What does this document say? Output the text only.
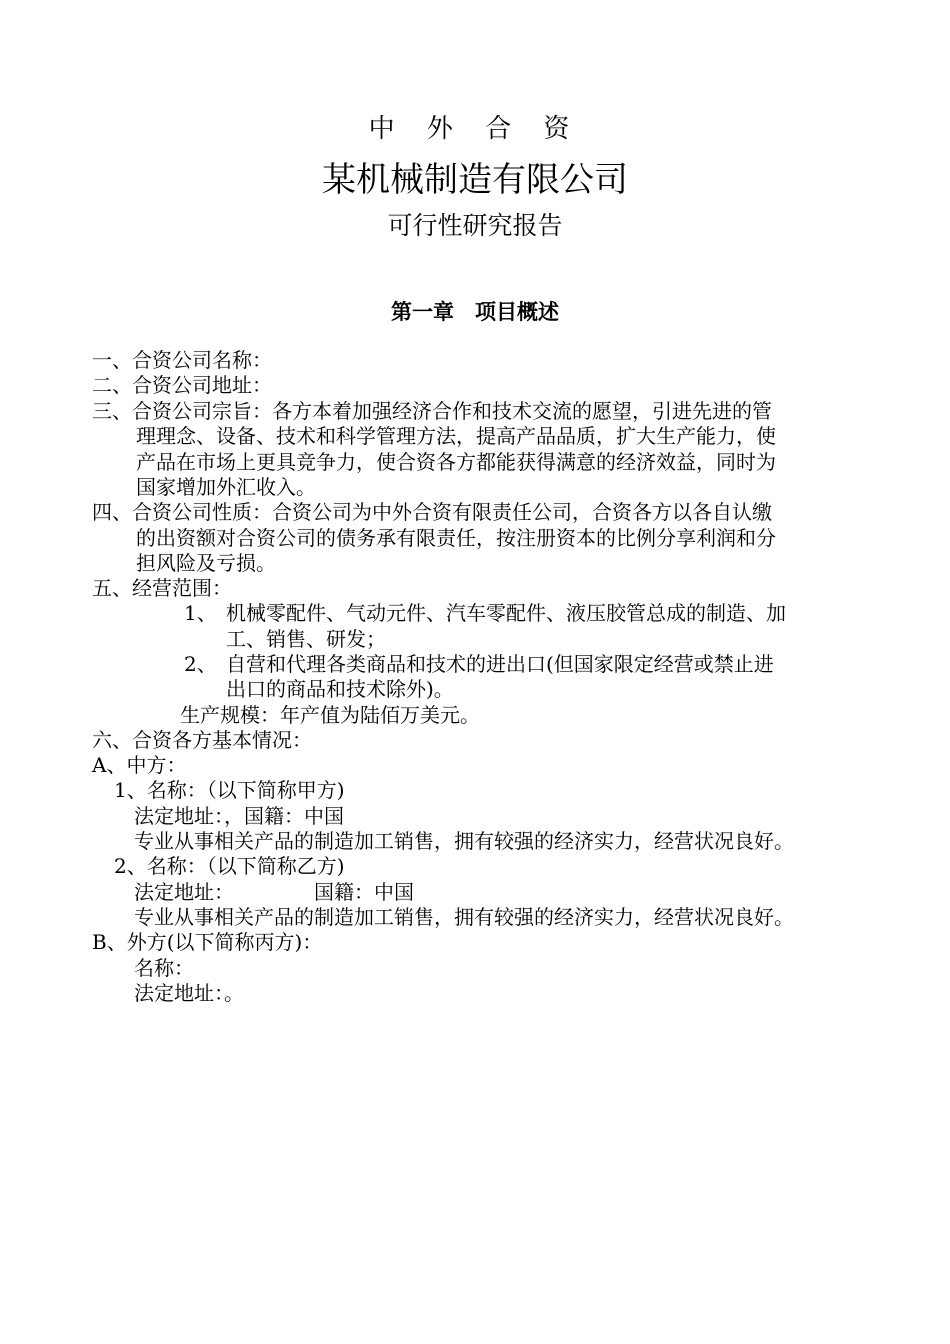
中 外 合 资
某机械制造有限公司
可行性研究报告
第一章　项目概述
一、合资公司名称：
二、合资公司地址：
三、合资公司宗旨：各方本着加强经济合作和技术交流的愿望，引进先进的管
理理念、设备、技术和科学管理方法，提高产品品质，扩大生产能力，使
产品在市场上更具竞争力，使合资各方都能获得满意的经济效益，同时为
国家增加外汇收入。
四、合资公司性质：合资公司为中外合资有限责任公司，合资各方以各自认缴
的出资额对合资公司的债务承有限责任，按注册资本的比例分享利润和分
担风险及亏损。
五、经营范围：
1、 机械零配件、气动元件、汽车零配件、液压胶管总成的制造、加
工、销售、研发；
2、 自营和代理各类商品和技术的进出口(但国家限定经营或禁止进
出口的商品和技术除外)。
生产规模：年产值为陆佰万美元。
六、合资各方基本情况：
A、中方：
1、名称：（以下简称甲方)
法定地址：，国籍：中国
专业从事相关产品的制造加工销售，拥有较强的经济实力，经营状况良好。
2、名称：（以下简称乙方)
法定地址：	国籍：中国
专业从事相关产品的制造加工销售，拥有较强的经济实力，经营状况良好。
B、外方(以下简称丙方)：
名称：
法定地址：。
